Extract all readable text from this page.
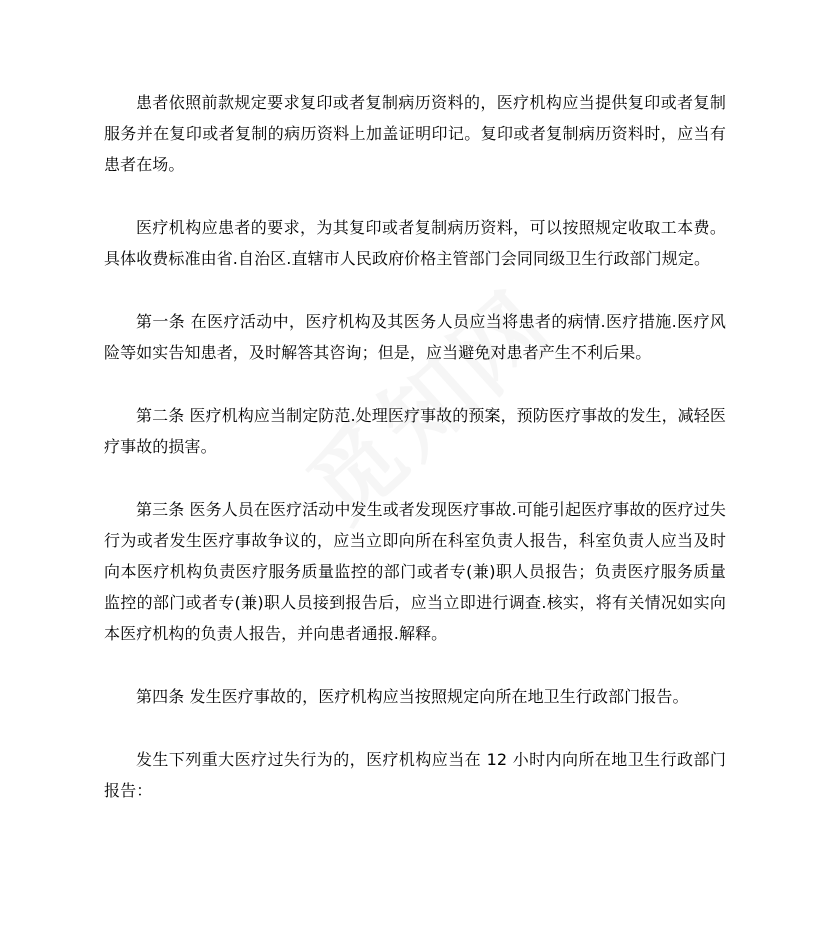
患者依照前款规定要求复印或者复制病历资料的，医疗机构应当提供复印或者复制服务并在复印或者复制的病历资料上加盖证明印记。复印或者复制病历资料时，应当有患者在场。

医疗机构应患者的要求，为其复印或者复制病历资料，可以按照规定收取工本费。具体收费标准由省.自治区.直辖市人民政府价格主管部门会同同级卫生行政部门规定。

第一条 在医疗活动中，医疗机构及其医务人员应当将患者的病情.医疗措施.医疗风险等如实告知患者，及时解答其咨询；但是，应当避免对患者产生不利后果。

第二条 医疗机构应当制定防范.处理医疗事故的预案，预防医疗事故的发生，减轻医疗事故的损害。

第三条 医务人员在医疗活动中发生或者发现医疗事故.可能引起医疗事故的医疗过失行为或者发生医疗事故争议的，应当立即向所在科室负责人报告，科室负责人应当及时向本医疗机构负责医疗服务质量监控的部门或者专(兼)职人员报告；负责医疗服务质量监控的部门或者专(兼)职人员接到报告后，应当立即进行调查.核实，将有关情况如实向本医疗机构的负责人报告，并向患者通报.解释。

第四条 发生医疗事故的，医疗机构应当按照规定向所在地卫生行政部门报告。

发生下列重大医疗过失行为的，医疗机构应当在 12 小时内向所在地卫生行政部门报告：
